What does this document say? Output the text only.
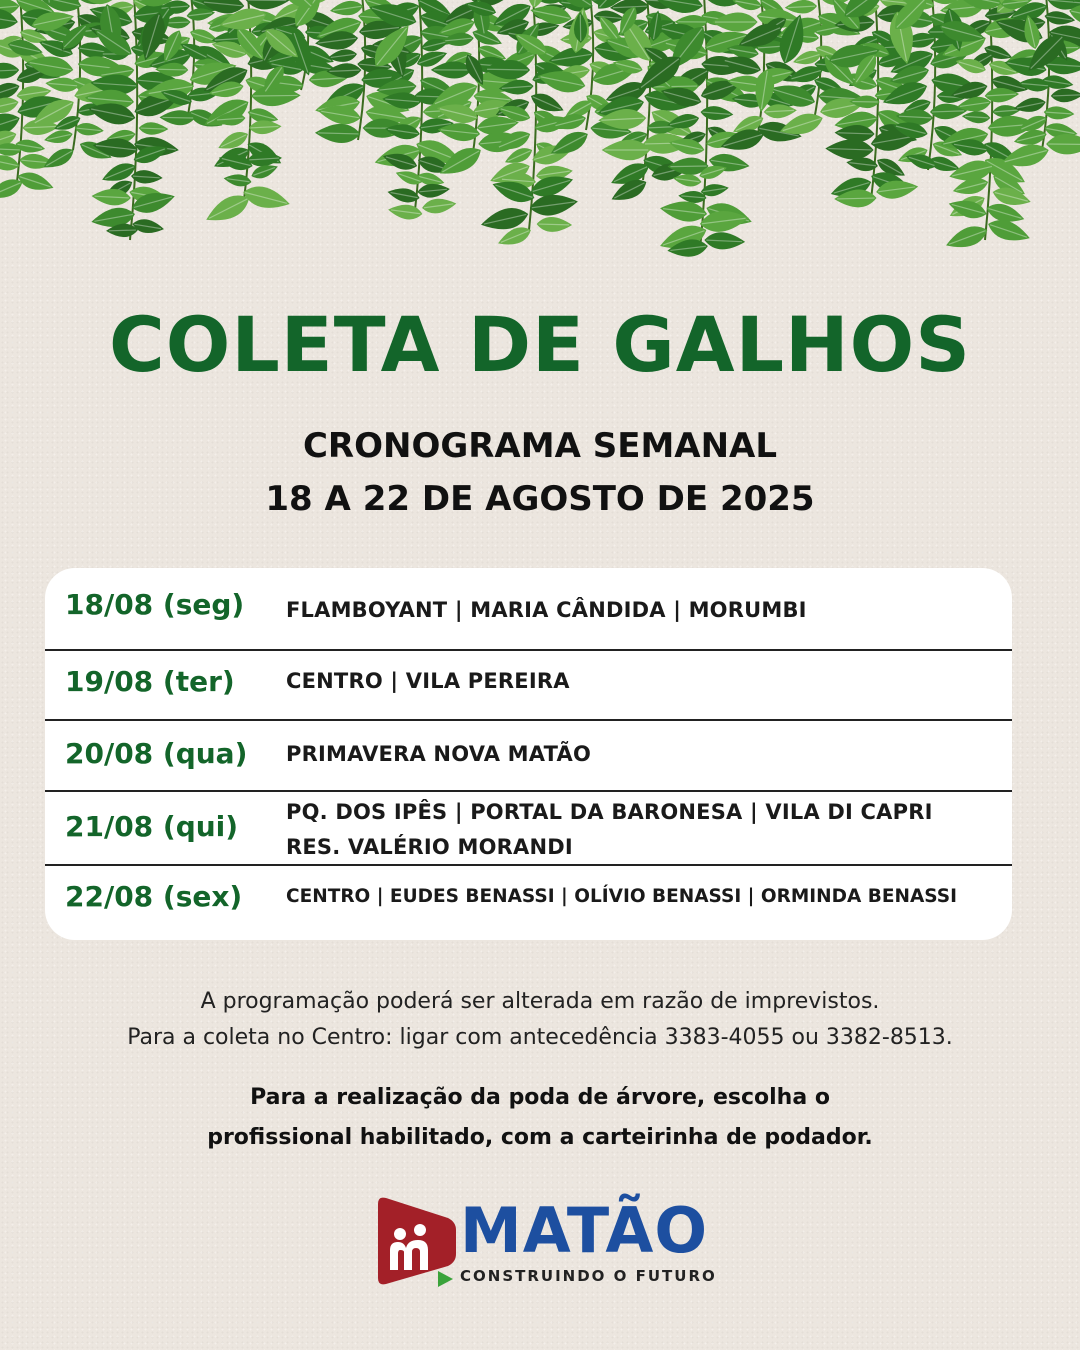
COLETA DE GALHOS
CRONOGRAMA SEMANAL
18 A 22 DE AGOSTO DE 2025
18/08 (seg) FLAMBOYANT | MARIA CÂNDIDA | MORUMBI
19/08 (ter) CENTRO | VILA PEREIRA
20/08 (qua) PRIMAVERA NOVA MATÃO
21/08 (qui) PQ. DOS IPÊS | PORTAL DA BARONESA | VILA DI CAPRI
RES. VALÉRIO MORANDI
22/08 (sex) CENTRO | EUDES BENASSI | OLÍVIO BENASSI | ORMINDA BENASSI
A programação poderá ser alterada em razão de imprevistos.
Para a coleta no Centro: ligar com antecedência 3383-4055 ou 3382-8513.
Para a realização da poda de árvore, escolha o
profissional habilitado, com a carteirinha de podador.
MATÃO
CONSTRUINDO O FUTURO
